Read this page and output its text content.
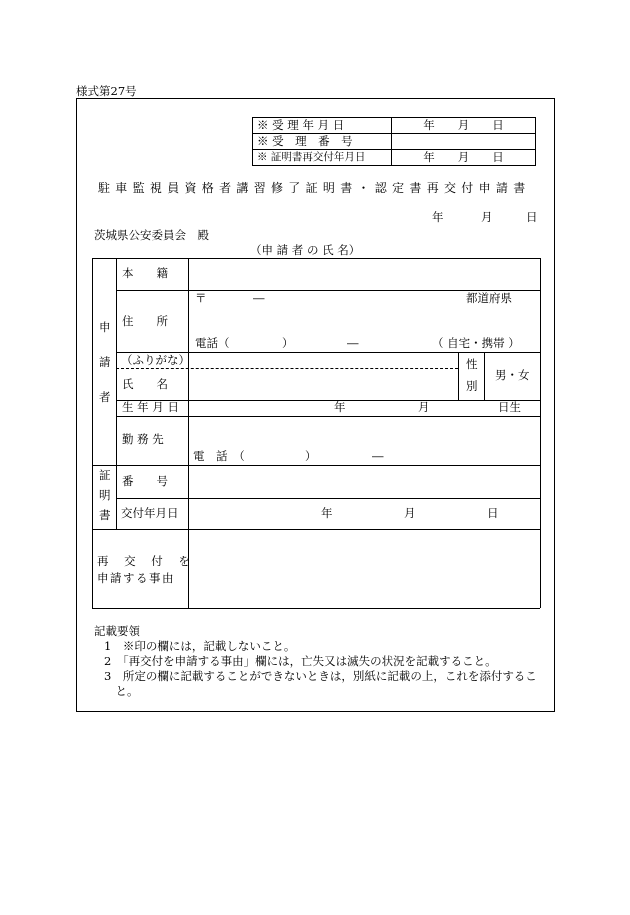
様式第27号
※ 受 理 年 月 日	年　　月　　日
※ 受　理　番　号	
※ 証明書再交付年月日	年　　月　　日
駐車監視員資格者講習修了証明書・認定書再交付申請書
年	月	日
茨城県公安委員会　殿
（申 請 者 の 氏 名）
申
請
者
本　　籍
住　　所
〒	―	都道府県
電話（	）	―	（ 自宅・携帯 ）
（ふりがな）
氏　　名
性
別
男・女
生 年 月 日	年	月	日生
勤 務 先
電　話　（	）	―
証
明
書
番　　号
交付年月日	年	月	日
再 交 付 を
申請する事由
記載要領
1　※印の欄には，記載しないこと。
2　「再交付を申請する事由」欄には，亡失又は滅失の状況を記載すること。
3　所定の欄に記載することができないときは，別紙に記載の上，これを添付するこ
　と。
